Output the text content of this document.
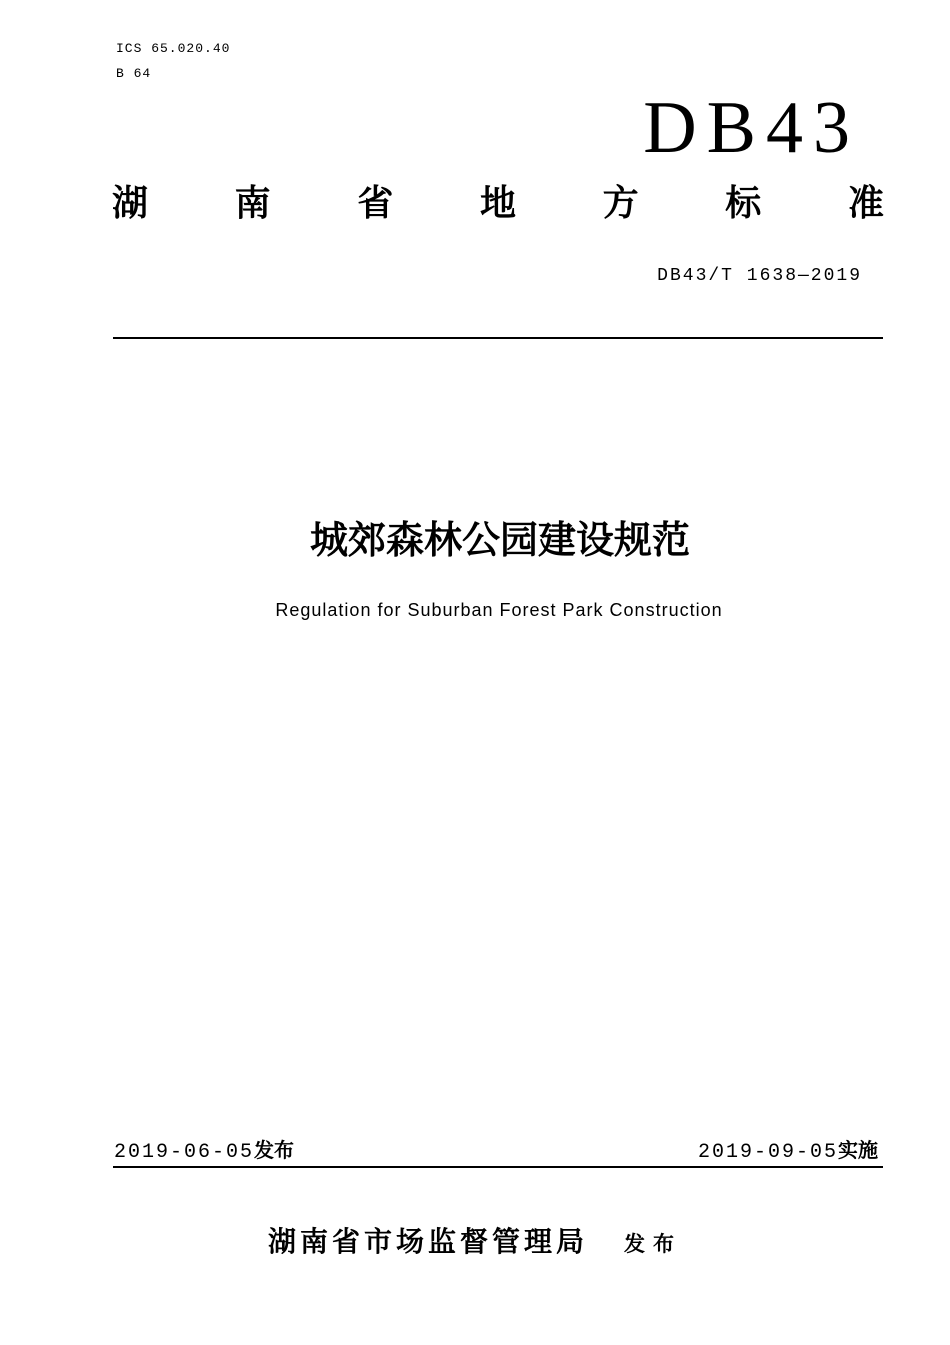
ICS 65.020.40
B 64
DB43
湖 南 省 地 方 标 准
DB43/T 1638—2019
城郊森林公园建设规范
Regulation for Suburban Forest Park Construction
2019-06-05发布	2019-09-05实施
湖南省市场监督管理局 发布
